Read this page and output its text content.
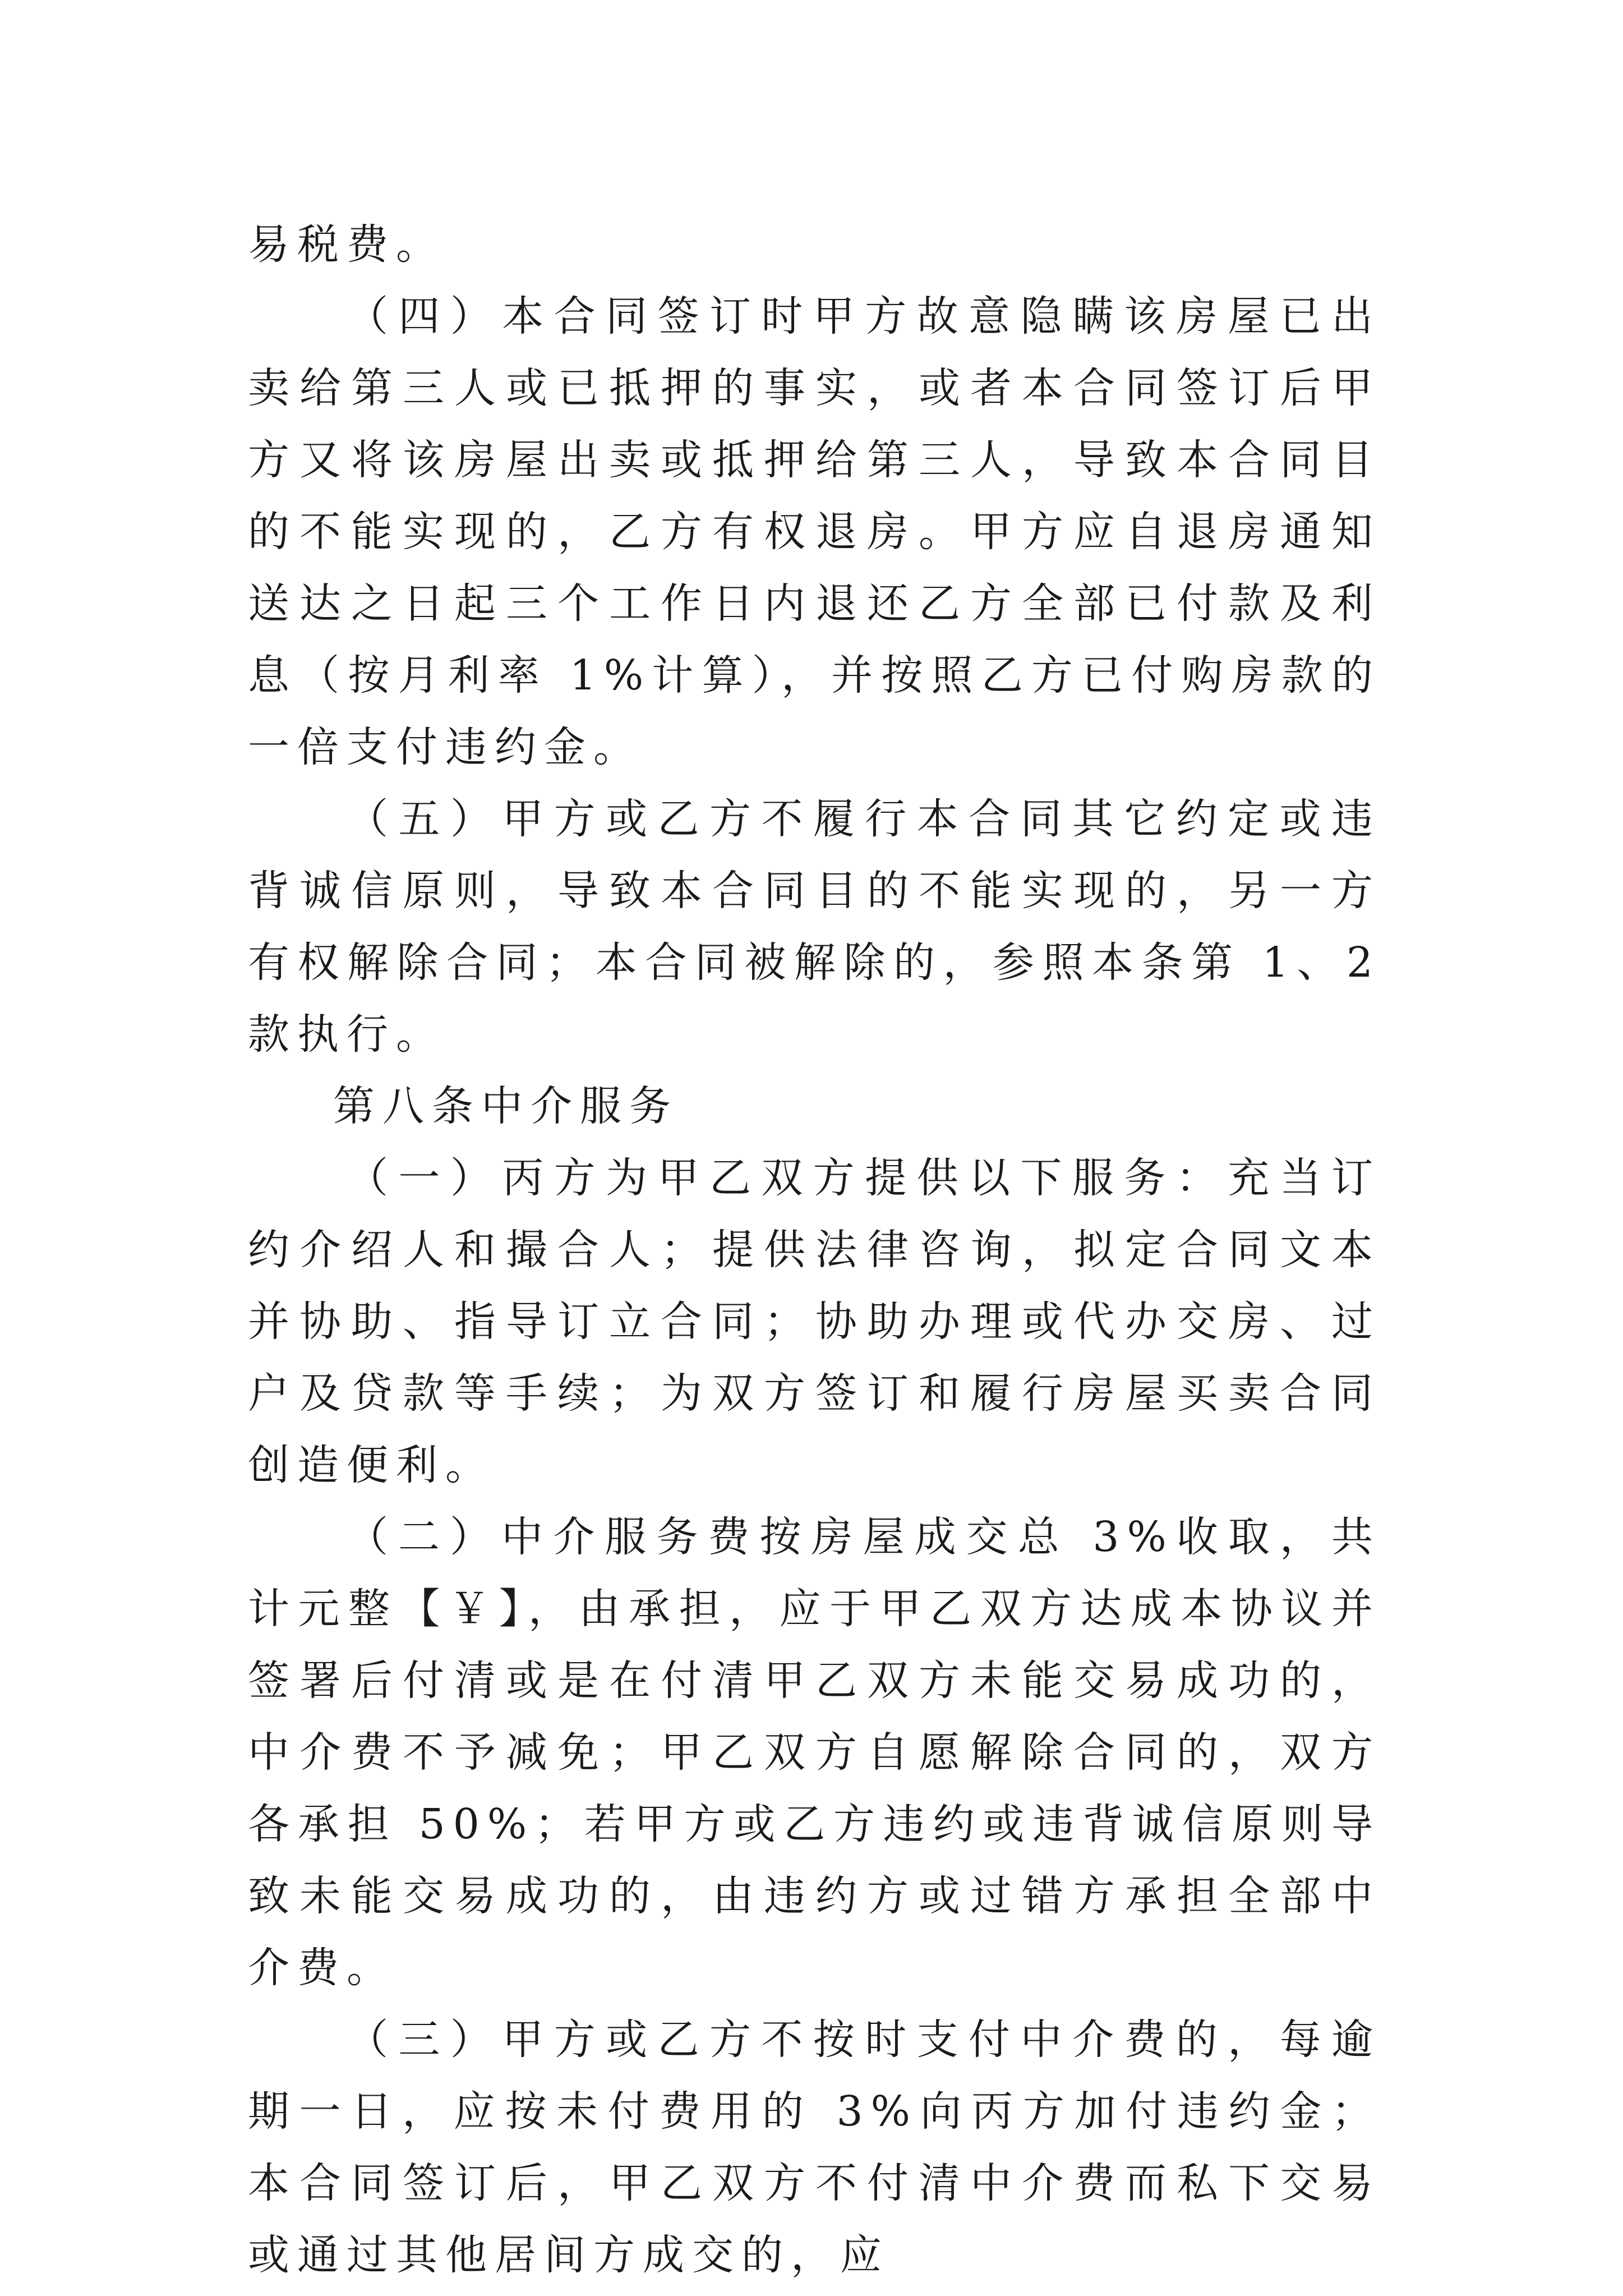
易税费。

（四）本合同签订时甲方故意隐瞒该房屋已出卖给第三人或已抵押的事实，或者本合同签订后甲方又将该房屋出卖或抵押给第三人，导致本合同目的不能实现的，乙方有权退房。甲方应自退房通知送达之日起三个工作日内退还乙方全部已付款及利息（按月利率 1%计算），并按照乙方已付购房款的一倍支付违约金。

（五）甲方或乙方不履行本合同其它约定或违背诚信原则，导致本合同目的不能实现的，另一方有权解除合同；本合同被解除的，参照本条第 1、2 款执行。

第八条中介服务

（一）丙方为甲乙双方提供以下服务：充当订约介绍人和撮合人；提供法律咨询，拟定合同文本并协助、指导订立合同；协助办理或代办交房、过户及贷款等手续；为双方签订和履行房屋买卖合同创造便利。

（二）中介服务费按房屋成交总 3%收取，共计元整【￥】，由承担，应于甲乙双方达成本协议并签署后付清或是在付清甲乙双方未能交易成功的，中介费不予减免；甲乙双方自愿解除合同的，双方各承担 50%；若甲方或乙方违约或违背诚信原则导致未能交易成功的，由违约方或过错方承担全部中介费。

（三）甲方或乙方不按时支付中介费的，每逾期一日，应按未付费用的 3%向丙方加付违约金；本合同签订后，甲乙双方不付清中介费而私下交易或通过其他居间方成交的，应
